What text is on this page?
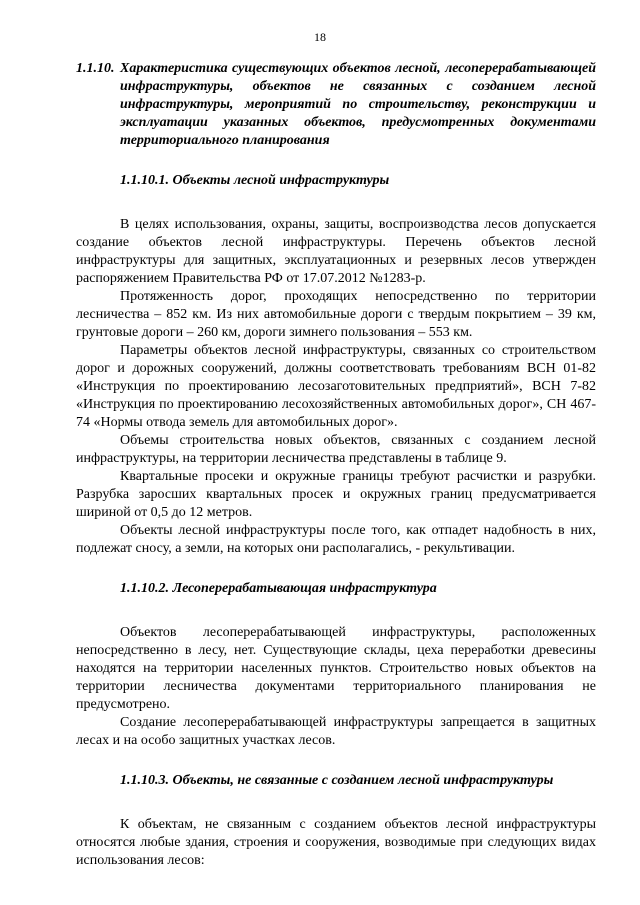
18
1.1.10. Характеристика существующих объектов лесной, лесоперерабатывающей инфраструктуры, объектов не связанных с созданием лесной инфраструктуры, мероприятий по строительству, реконструкции и эксплуатации указанных объектов, предусмотренных документами территориального планирования
1.1.10.1. Объекты лесной инфраструктуры

В целях использования, охраны, защиты, воспроизводства лесов допускается создание объектов лесной инфраструктуры. Перечень объектов лесной инфраструктуры для защитных, эксплуатационных и резервных лесов утвержден распоряжением Правительства РФ от 17.07.2012 №1283-р.

Протяженность дорог, проходящих непосредственно по территории лесничества – 852 км. Из них автомобильные дороги с твердым покрытием – 39 км, грунтовые дороги – 260 км, дороги зимнего пользования – 553 км.

Параметры объектов лесной инфраструктуры, связанных со строительством дорог и дорожных сооружений, должны соответствовать требованиям ВСН 01-82 «Инструкция по проектированию лесозаготовительных предприятий», ВСН 7-82 «Инструкция по проектированию лесохозяйственных автомобильных дорог», СН 467-74 «Нормы отвода земель для автомобильных дорог».

Объемы строительства новых объектов, связанных с созданием лесной инфраструктуры, на территории лесничества представлены в таблице 9.

Квартальные просеки и окружные границы требуют расчистки и разрубки. Разрубка заросших квартальных просек и окружных границ предусматривается шириной от 0,5 до 12 метров.

Объекты лесной инфраструктуры после того, как отпадет надобность в них, подлежат сносу, а земли, на которых они располагались, - рекультивации.

1.1.10.2. Лесоперерабатывающая инфраструктура

Объектов лесоперерабатывающей инфраструктуры, расположенных непосредственно в лесу, нет. Существующие склады, цеха переработки древесины находятся на территории населенных пунктов. Строительство новых объектов на территории лесничества документами территориального планирования не предусмотрено.

Создание лесоперерабатывающей инфраструктуры запрещается в защитных лесах и на особо защитных участках лесов.

1.1.10.3. Объекты, не связанные с созданием лесной инфраструктуры

К объектам, не связанным с созданием объектов лесной инфраструктуры относятся любые здания, строения и сооружения, возводимые при следующих видах использования лесов:
